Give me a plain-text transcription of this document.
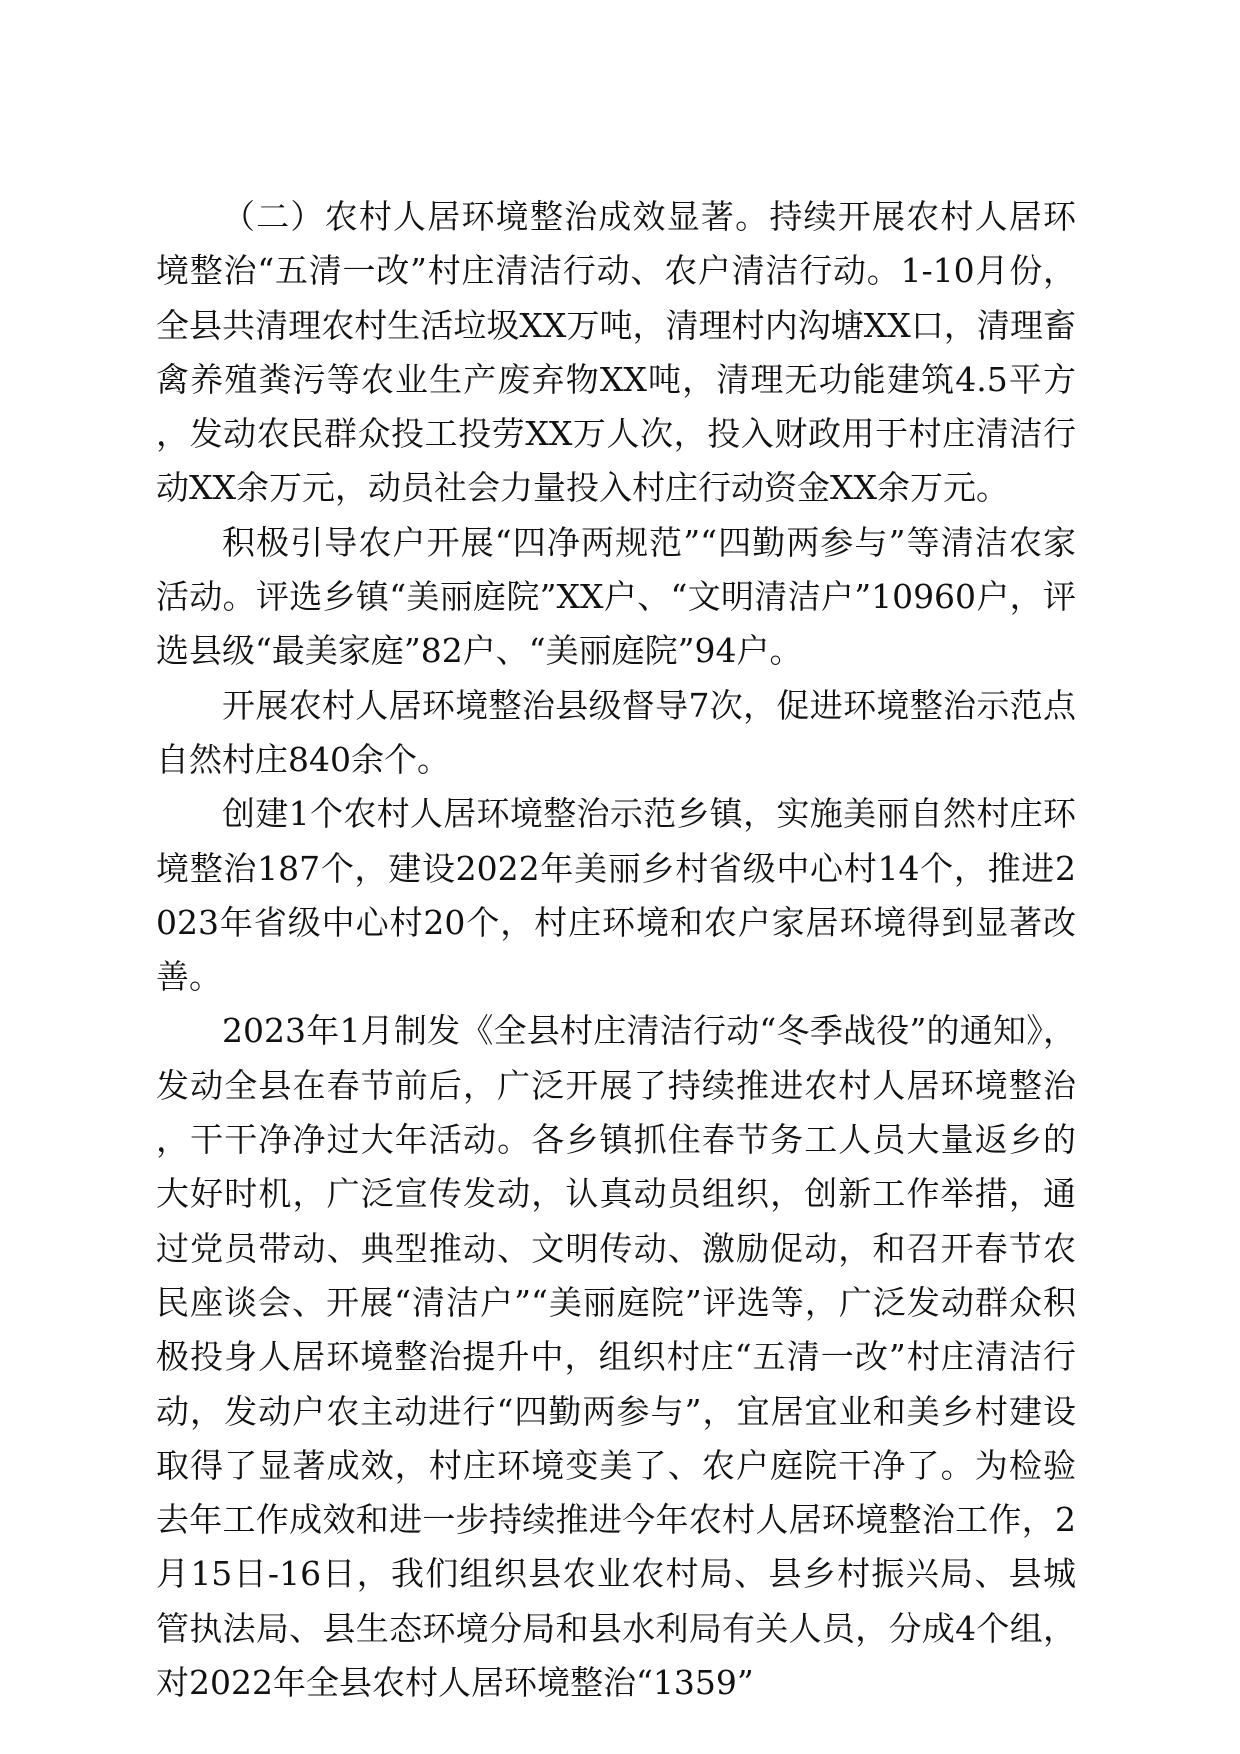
（二）农村人居环境整治成效显著。持续开展农村人居环境整治“五清一改”村庄清洁行动、农户清洁行动。1-10月份，全县共清理农村生活垃圾XX万吨，清理村内沟塘XX口，清理畜禽养殖粪污等农业生产废弃物XX吨，清理无功能建筑4.5平方，发动农民群众投工投劳XX万人次，投入财政用于村庄清洁行动XX余万元，动员社会力量投入村庄行动资金XX余万元。

积极引导农户开展“四净两规范”“四勤两参与”等清洁农家活动。评选乡镇“美丽庭院”XX户、“文明清洁户”10960户，评选县级“最美家庭”82户、“美丽庭院”94户。

开展农村人居环境整治县级督导7次，促进环境整治示范点自然村庄840余个。

创建1个农村人居环境整治示范乡镇，实施美丽自然村庄环境整治187个，建设2022年美丽乡村省级中心村14个，推进2023年省级中心村20个，村庄环境和农户家居环境得到显著改善。

2023年1月制发《全县村庄清洁行动“冬季战役”的通知》，发动全县在春节前后，广泛开展了持续推进农村人居环境整治，干干净净过大年活动。各乡镇抓住春节务工人员大量返乡的大好时机，广泛宣传发动，认真动员组织，创新工作举措，通过党员带动、典型推动、文明传动、激励促动，和召开春节农民座谈会、开展“清洁户”“美丽庭院”评选等，广泛发动群众积极投身人居环境整治提升中，组织村庄“五清一改”村庄清洁行动，发动户农主动进行“四勤两参与”，宜居宜业和美乡村建设取得了显著成效，村庄环境变美了、农户庭院干净了。为检验去年工作成效和进一步持续推进今年农村人居环境整治工作，2月15日-16日，我们组织县农业农村局、县乡村振兴局、县城管执法局、县生态环境分局和县水利局有关人员，分成4个组，对2022年全县农村人居环境整治“1359”
